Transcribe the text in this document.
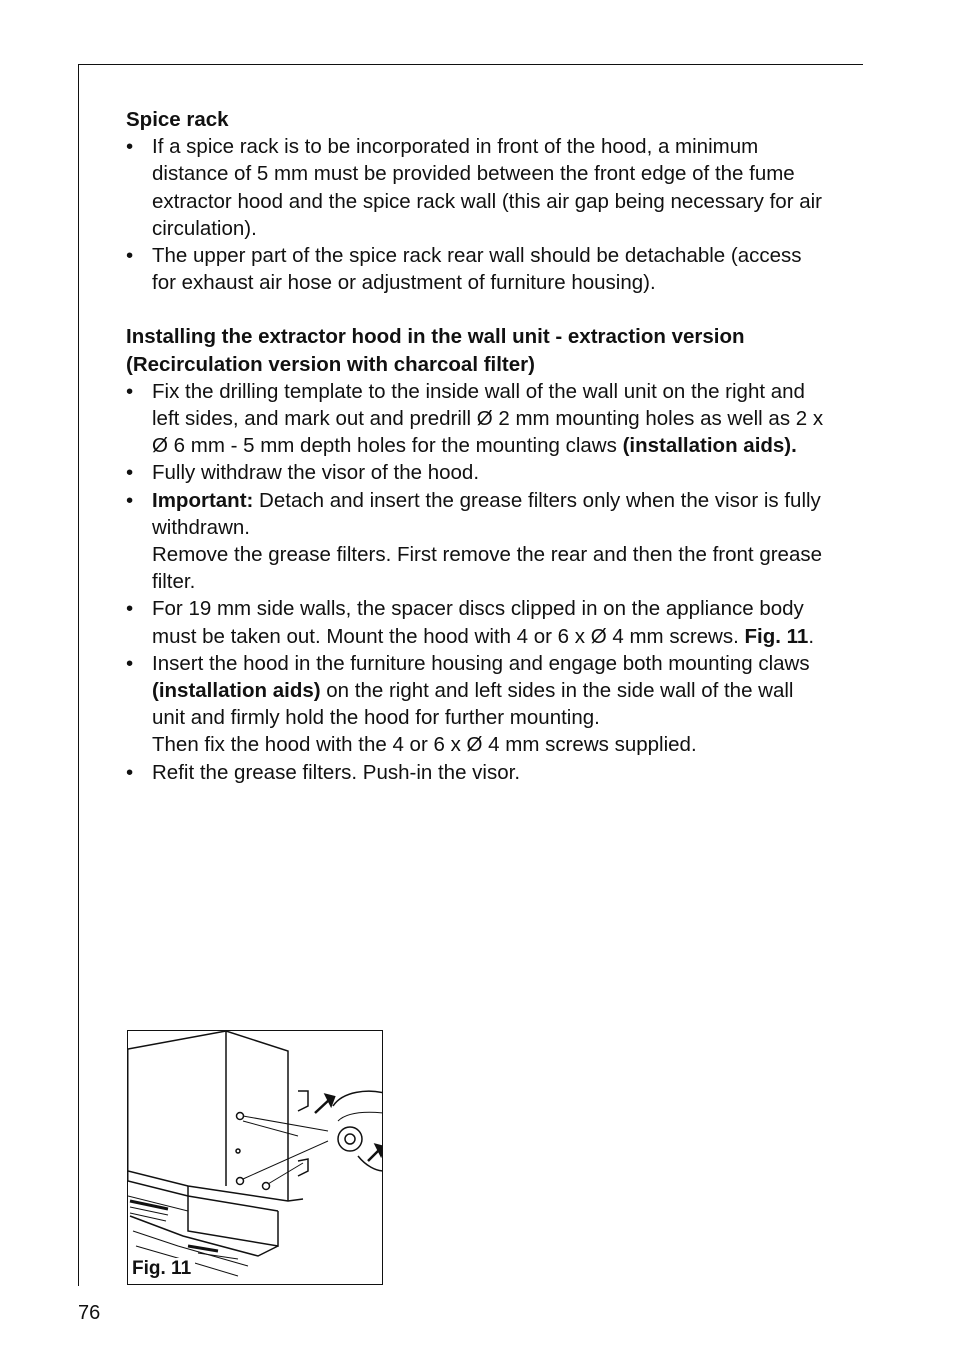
Spice rack

• If a spice rack is to be incorporated in front of the hood, a minimum distance of 5 mm must be provided between the front edge of the fume extractor hood and the spice rack wall (this air gap being necessary for air circulation).
• The upper part of the spice rack rear wall should be detachable (access for exhaust air hose or adjustment of furniture housing).

Installing the extractor hood in the wall unit - extraction version
(Recirculation version with charcoal filter)

• Fix the drilling template to the inside wall of the wall unit on the right and left sides, and mark out and predrill Ø 2 mm mounting holes as well as 2 x Ø 6 mm - 5 mm depth holes for the mounting claws (installation aids).
• Fully withdraw the visor of the hood.
• Important: Detach and insert the grease filters only when the visor is fully withdrawn.
Remove the grease filters. First remove the rear and then the front grease filter.
• For 19 mm side walls, the spacer discs clipped in on the appliance body must be taken out. Mount the hood with 4 or 6 x Ø 4 mm screws. Fig. 11.
• Insert the hood in the furniture housing and engage both mounting claws (installation aids) on the right and left sides in the side wall of the wall unit and firmly hold the hood for further mounting.
Then fix the hood with the 4 or 6 x Ø 4 mm screws supplied.
• Refit the grease filters. Push-in the visor.
Fig. 11
76
